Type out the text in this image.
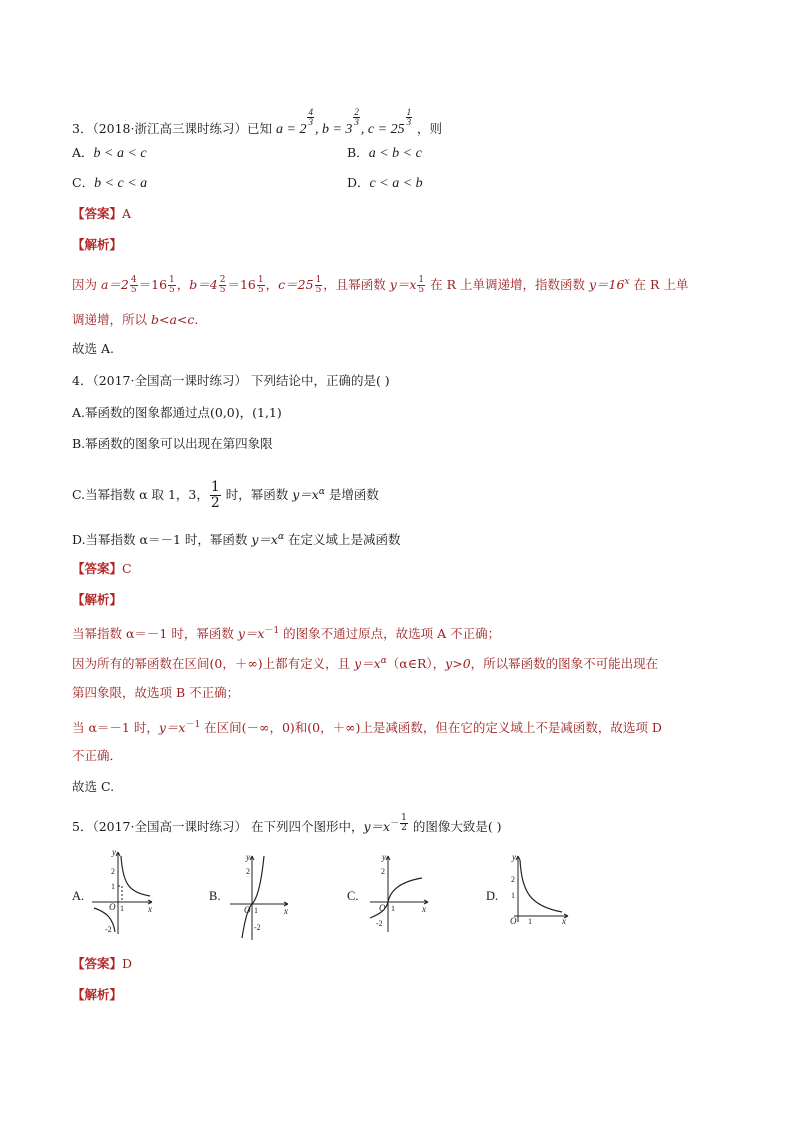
3．（2018·浙江高三课时练习）已知 a = 2
$\frac{4}{3}$
, b = 3
$\frac{2}{3}$
, c = 25
$\frac{1}{3}$
，则
A．b < a < c	B．a < b < c
C．b < c < a	D．c < a < b
【答案】A
【解析】
因为 $a=2 \frac{4}{5} =16 \frac{1}{5}$ ，$b=4 \frac{2}{5} =16 \frac{1}{5}$ ，$c=25 \frac{1}{5}$ ，且幂函数 $y=x \frac{1}{5}$ 在 R 上单调递增，指数函数 $y=16^x$ 在 R 上单
调递增，所以 b<a<c.
故选 A.
4．（2017·全国高一课时练习） 下列结论中，正确的是( )
A.幂函数的图象都通过点(0,0)，(1,1)
B.幂函数的图象可以出现在第四象限
C.当幂指数 α 取 1，3， $\frac{1}{2}$ 时，幂函数 $y=x^\alpha$ 是增函数
D.当幂指数 α＝－1 时，幂函数 $y=x^\alpha$ 在定义域上是减函数
【答案】C
【解析】
当幂指数 α＝－1 时，幂函数 $y=x^{-1}$ 的图象不通过原点，故选项 A 不正确；
因为所有的幂函数在区间(0，＋∞)上都有定义，且 $y=x^\alpha(\alpha\in R)$，y>0，所以幂函数的图象不可能出现在
第四象限，故选项 B 不正确；
当 α＝－1 时，$y=x^{-1}$ 在区间(－∞，0)和(0，＋∞)上是减函数，但在它的定义域上不是减函数，故选项 D
不正确．
故选 C.
5．（2017·全国高一课时练习） 在下列四个图形中，$y=x^{- \frac{1}{2}}$ 的图像大致是( )
A.	B.	C.	D.
y
x
O
2
1
1
-2
y
x
O
2
1
-2
y
x
O
2
1
-2
y
x
O
2
1
1
【答案】D
【解析】
